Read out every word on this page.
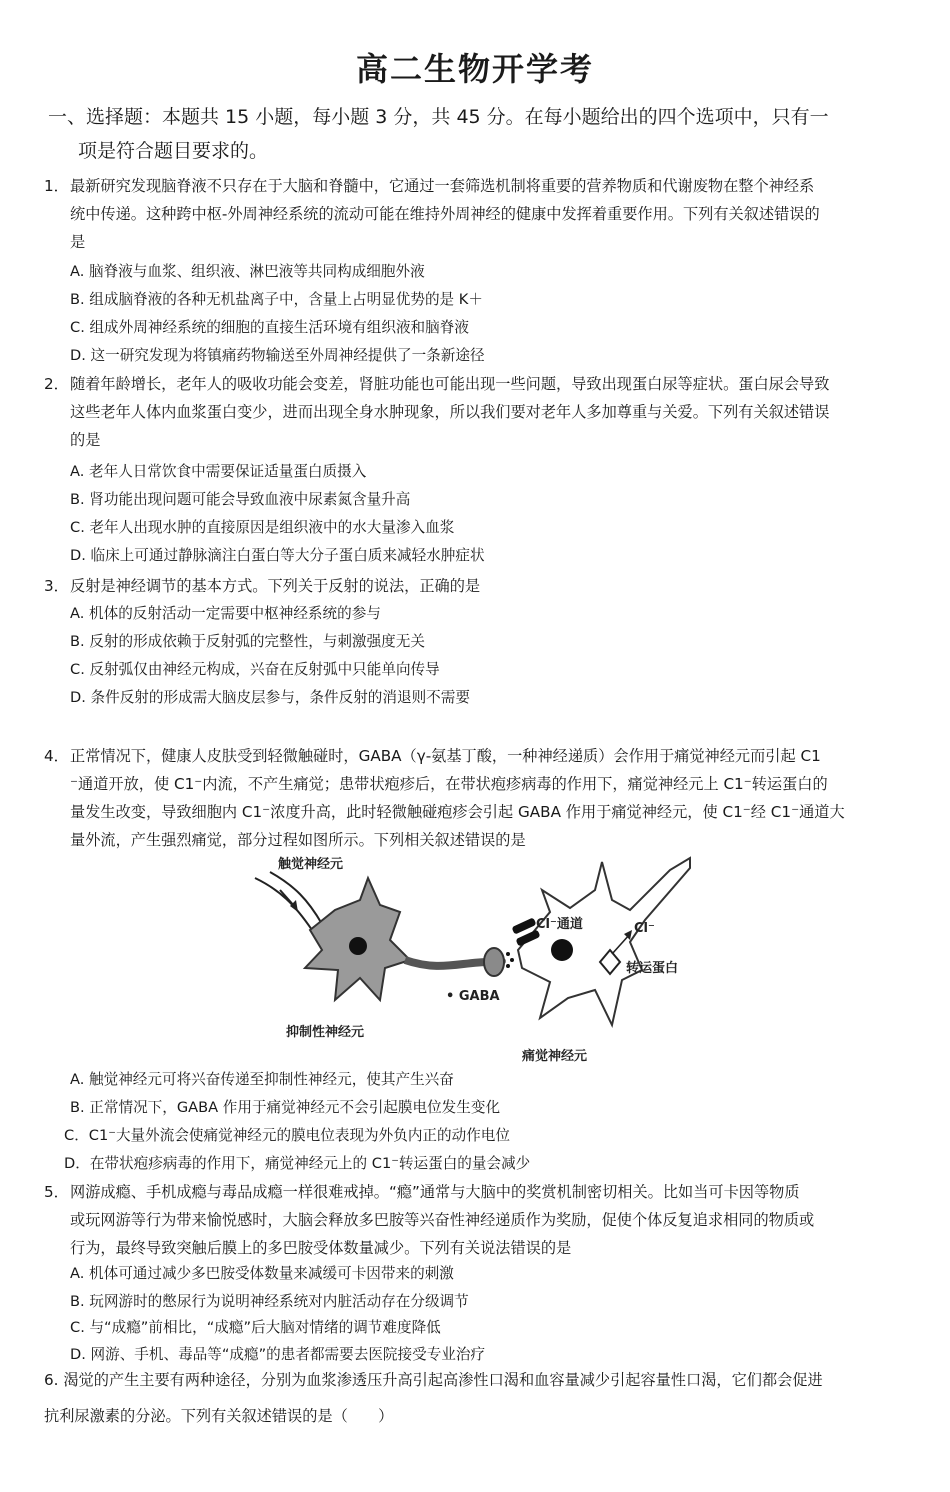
高二生物开学考
一、选择题：本题共 15 小题，每小题 3 分，共 45 分。在每小题给出的四个选项中，只有一
项是符合题目要求的。
1．最新研究发现脑脊液不只存在于大脑和脊髓中，它通过一套筛选机制将重要的营养物质和代谢废物在整个神经系
统中传递。这种跨中枢-外周神经系统的流动可能在维持外周神经的健康中发挥着重要作用。下列有关叙述错误的
是
A. 脑脊液与血浆、组织液、淋巴液等共同构成细胞外液
B. 组成脑脊液的各种无机盐离子中，含量上占明显优势的是 K＋
C. 组成外周神经系统的细胞的直接生活环境有组织液和脑脊液
D. 这一研究发现为将镇痛药物输送至外周神经提供了一条新途径
2．随着年龄增长，老年人的吸收功能会变差，肾脏功能也可能出现一些问题，导致出现蛋白尿等症状。蛋白尿会导致
这些老年人体内血浆蛋白变少，进而出现全身水肿现象，所以我们要对老年人多加尊重与关爱。下列有关叙述错误
的是
A. 老年人日常饮食中需要保证适量蛋白质摄入
B. 肾功能出现问题可能会导致血液中尿素氮含量升高
C. 老年人出现水肿的直接原因是组织液中的水大量渗入血浆
D. 临床上可通过静脉滴注白蛋白等大分子蛋白质来减轻水肿症状
3．反射是神经调节的基本方式。下列关于反射的说法，正确的是
A. 机体的反射活动一定需要中枢神经系统的参与
B. 反射的形成依赖于反射弧的完整性，与刺激强度无关
C. 反射弧仅由神经元构成，兴奋在反射弧中只能单向传导
D. 条件反射的形成需大脑皮层参与，条件反射的消退则不需要
4．正常情况下，健康人皮肤受到轻微触碰时，GABA（γ-氨基丁酸，一种神经递质）会作用于痛觉神经元而引起 C1
⁻通道开放，使 C1⁻内流，不产生痛觉；患带状疱疹后，在带状疱疹病毒的作用下，痛觉神经元上 C1⁻转运蛋白的
量发生改变，导致细胞内 C1⁻浓度升高，此时轻微触碰疱疹会引起 GABA 作用于痛觉神经元，使 C1⁻经 C1⁻通道大
量外流，产生强烈痛觉，部分过程如图所示。下列相关叙述错误的是
触觉神经元
抑制性神经元
痛觉神经元
Cl⁻通道	Cl⁻
转运蛋白
• GABA
A. 触觉神经元可将兴奋传递至抑制性神经元，使其产生兴奋
B. 正常情况下，GABA 作用于痛觉神经元不会引起膜电位发生变化
C．C1⁻大量外流会使痛觉神经元的膜电位表现为外负内正的动作电位
D．在带状疱疹病毒的作用下，痛觉神经元上的 C1⁻转运蛋白的量会减少
5．网游成瘾、手机成瘾与毒品成瘾一样很难戒掉。“瘾”通常与大脑中的奖赏机制密切相关。比如当可卡因等物质
或玩网游等行为带来愉悦感时，大脑会释放多巴胺等兴奋性神经递质作为奖励，促使个体反复追求相同的物质或
行为，最终导致突触后膜上的多巴胺受体数量减少。下列有关说法错误的是
A. 机体可通过减少多巴胺受体数量来减缓可卡因带来的刺激
B. 玩网游时的憋尿行为说明神经系统对内脏活动存在分级调节
C. 与“成瘾”前相比，“成瘾”后大脑对情绪的调节难度降低
D. 网游、手机、毒品等“成瘾”的患者都需要去医院接受专业治疗
6. 渴觉的产生主要有两种途径，分别为血浆渗透压升高引起高渗性口渴和血容量减少引起容量性口渴，它们都会促进
抗利尿激素的分泌。下列有关叙述错误的是（　　）
